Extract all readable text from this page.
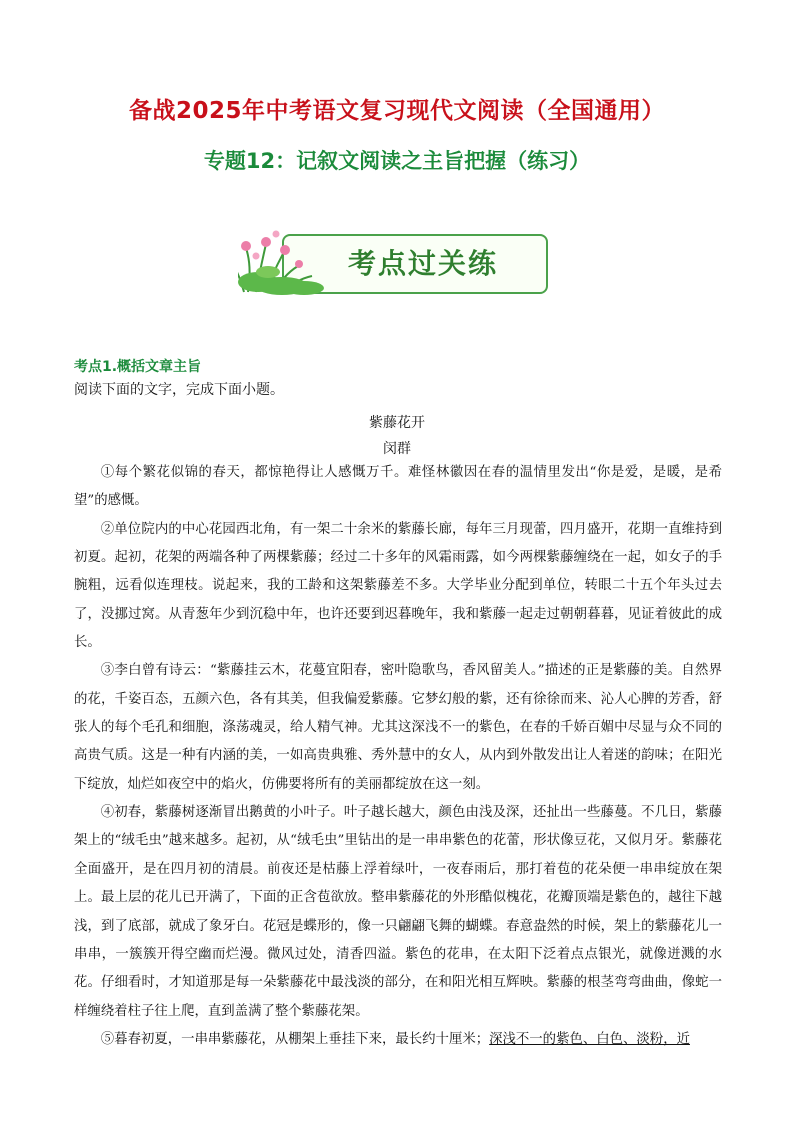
备战2025年中考语文复习现代文阅读（全国通用）
专题12：记叙文阅读之主旨把握（练习）
考点过关练
考点1.概括文章主旨
阅读下面的文字，完成下面小题。
紫藤花开
闵群

①每个繁花似锦的春天，都惊艳得让人感慨万千。难怪林徽因在春的温情里发出“你是爱，是暖，是希望”的感慨。

②单位院内的中心花园西北角，有一架二十余米的紫藤长廊，每年三月现蕾，四月盛开，花期一直维持到初夏。起初，花架的两端各种了两棵紫藤；经过二十多年的风霜雨露，如今两棵紫藤缠绕在一起，如女子的手腕粗，远看似连理枝。说起来，我的工龄和这架紫藤差不多。大学毕业分配到单位，转眼二十五个年头过去了，没挪过窝。从青葱年少到沉稳中年，也许还要到迟暮晚年，我和紫藤一起走过朝朝暮暮，见证着彼此的成长。

③李白曾有诗云：“紫藤挂云木，花蔓宜阳春，密叶隐歌鸟，香风留美人。”描述的正是紫藤的美。自然界的花，千姿百态，五颜六色，各有其美，但我偏爱紫藤。它梦幻般的紫，还有徐徐而来、沁人心脾的芳香，舒张人的每个毛孔和细胞，涤荡魂灵，给人精气神。尤其这深浅不一的紫色，在春的千娇百媚中尽显与众不同的高贵气质。这是一种有内涵的美，一如高贵典雅、秀外慧中的女人，从内到外散发出让人着迷的韵味；在阳光下绽放，灿烂如夜空中的焰火，仿佛要将所有的美丽都绽放在这一刻。

④初春，紫藤树逐渐冒出鹅黄的小叶子。叶子越长越大，颜色由浅及深，还扯出一些藤蔓。不几日，紫藤架上的“绒毛虫”越来越多。起初，从“绒毛虫”里钻出的是一串串紫色的花蕾，形状像豆花，又似月牙。紫藤花全面盛开，是在四月初的清晨。前夜还是枯藤上浮着绿叶，一夜春雨后，那打着苞的花朵便一串串绽放在架上。最上层的花儿已开满了，下面的正含苞欲放。整串紫藤花的外形酷似槐花，花瓣顶端是紫色的，越往下越浅，到了底部，就成了象牙白。花冠是蝶形的，像一只翩翩飞舞的蝴蝶。春意盎然的时候，架上的紫藤花儿一串串，一簇簇开得空幽而烂漫。微风过处，清香四溢。紫色的花串，在太阳下泛着点点银光，就像迸溅的水花。仔细看时，才知道那是每一朵紫藤花中最浅淡的部分，在和阳光相互辉映。紫藤的根茎弯弯曲曲，像蛇一样缠绕着柱子往上爬，直到盖满了整个紫藤花架。

⑤暮春初夏，一串串紫藤花，从棚架上垂挂下来，最长约十厘米；深浅不一的紫色、白色、淡粉，近
